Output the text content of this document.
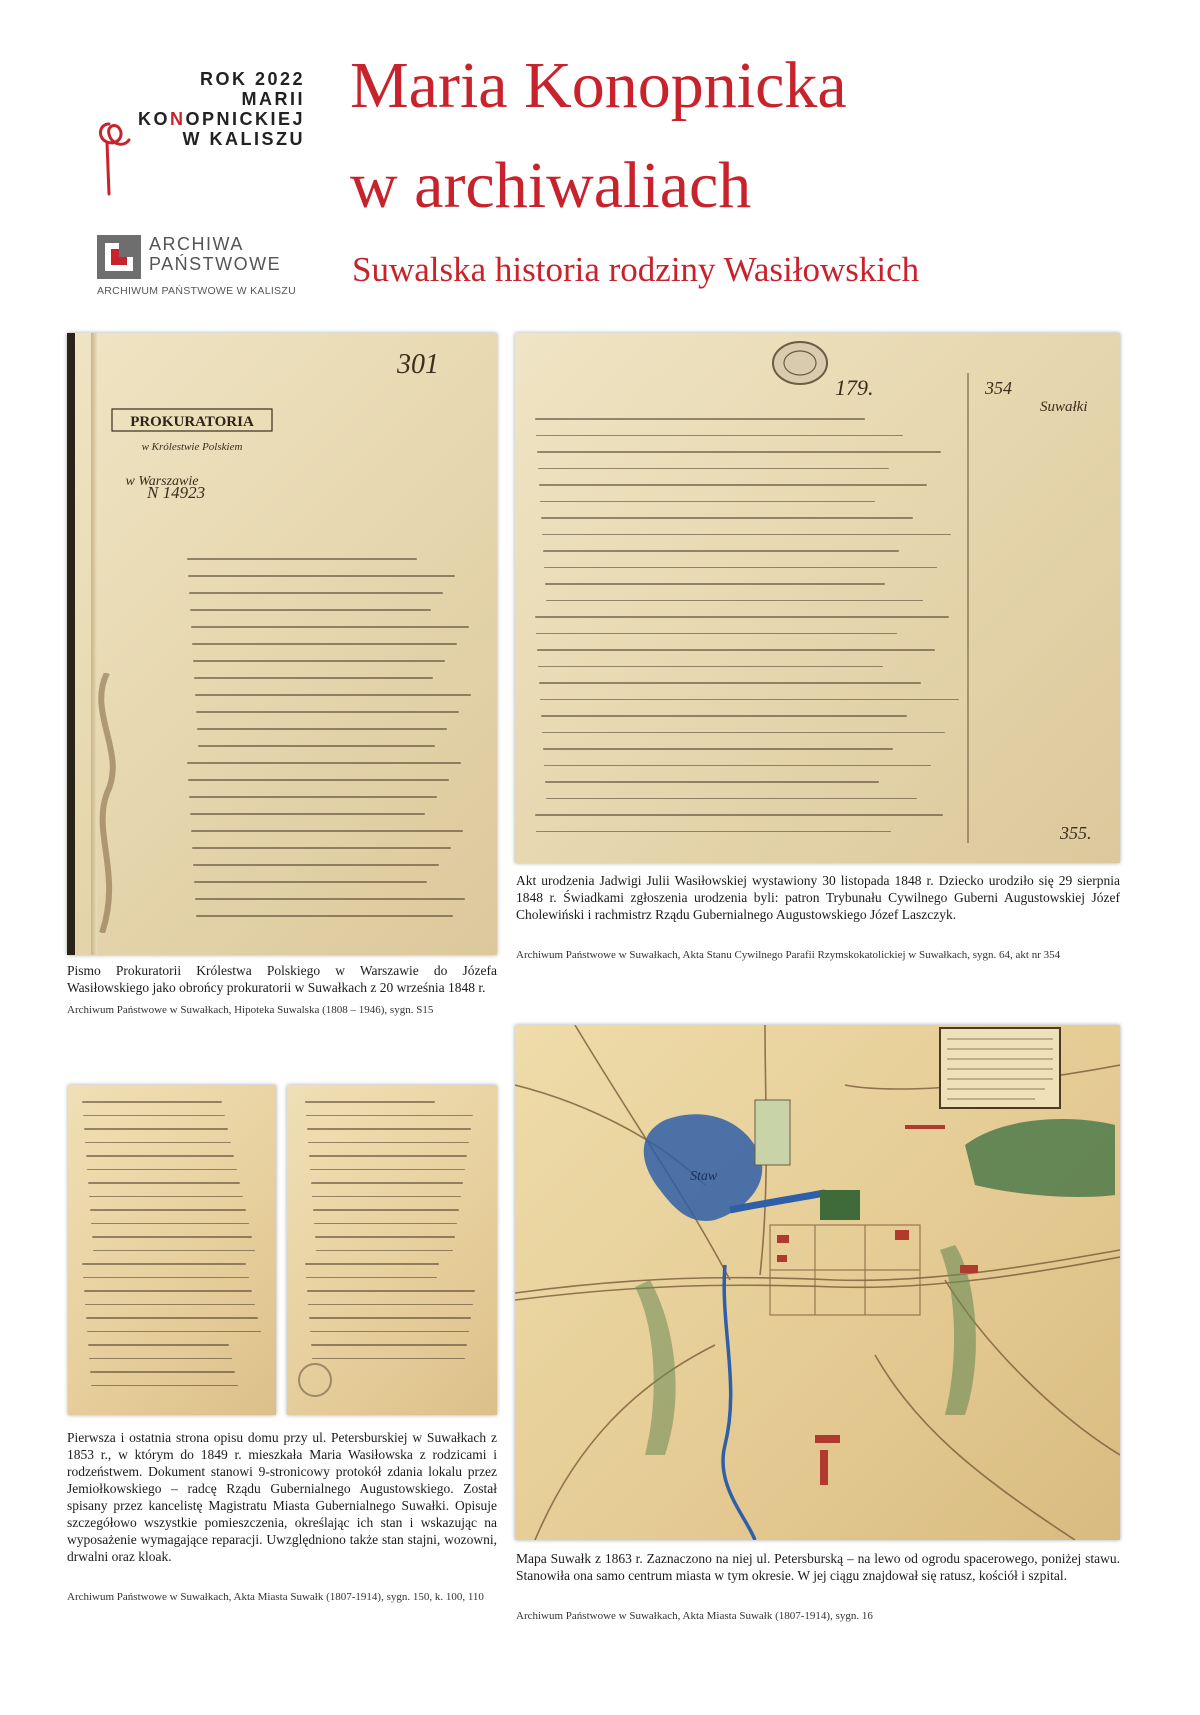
ROK 2022
MARII
KONOPNICKIEJ
W KALISZU
ARCHIWA
PAŃSTWOWE
ARCHIWUM PAŃSTWOWE W KALISZU
Maria Konopnicka
w archiwaliach
Suwalska historia rodziny Wasiłowskich
PROKURATORIA
w Królestwie Polskiem
w Warszawie
301
N 14923
179.	354
Suwałki
355.
Staw
Pismo Prokuratorii Królestwa Polskiego w Warszawie do Józefa Wasiłowskiego jako obrońcy prokuratorii w Suwałkach z 20 września 1848 r.
Archiwum Państwowe w Suwałkach, Hipoteka Suwalska (1808 – 1946), sygn. S15
Akt urodzenia Jadwigi Julii Wasiłowskiej wystawiony 30 listopada 1848 r. Dziecko urodziło się 29 sierpnia 1848 r. Świadkami zgłoszenia urodzenia byli: patron Trybunału Cywilnego Guberni Augustowskiej Józef Cholewiński i rachmistrz Rządu Gubernialnego Augustowskiego Józef Laszczyk.
Archiwum Państwowe w Suwałkach, Akta Stanu Cywilnego Parafii Rzymskokatolickiej w Suwałkach, sygn. 64, akt nr 354
Pierwsza i ostatnia strona opisu domu przy ul. Petersburskiej w Suwałkach z 1853 r., w którym do 1849 r. mieszkała Maria Wasiłowska z rodzicami i rodzeństwem. Dokument stanowi 9-stronicowy protokół zdania lokalu przez Jemiołkowskiego – radcę Rządu Gubernialnego Augustowskiego. Został spisany przez kancelistę Magistratu Miasta Gubernialnego Suwałki. Opisuje szczegółowo wszystkie pomieszczenia, określając ich stan i wskazując na wyposażenie wymagające reparacji. Uwzględniono także stan stajni, wozowni, drwalni oraz kloak.
Archiwum Państwowe w Suwałkach, Akta Miasta Suwałk (1807-1914), sygn. 150, k. 100, 110
Mapa Suwałk z 1863 r. Zaznaczono na niej ul. Petersburską – na lewo od ogrodu spacerowego, poniżej stawu. Stanowiła ona samo centrum miasta w tym okresie. W jej ciągu znajdował się ratusz, kościół i szpital.
Archiwum Państwowe w Suwałkach, Akta Miasta Suwałk (1807-1914), sygn. 16
